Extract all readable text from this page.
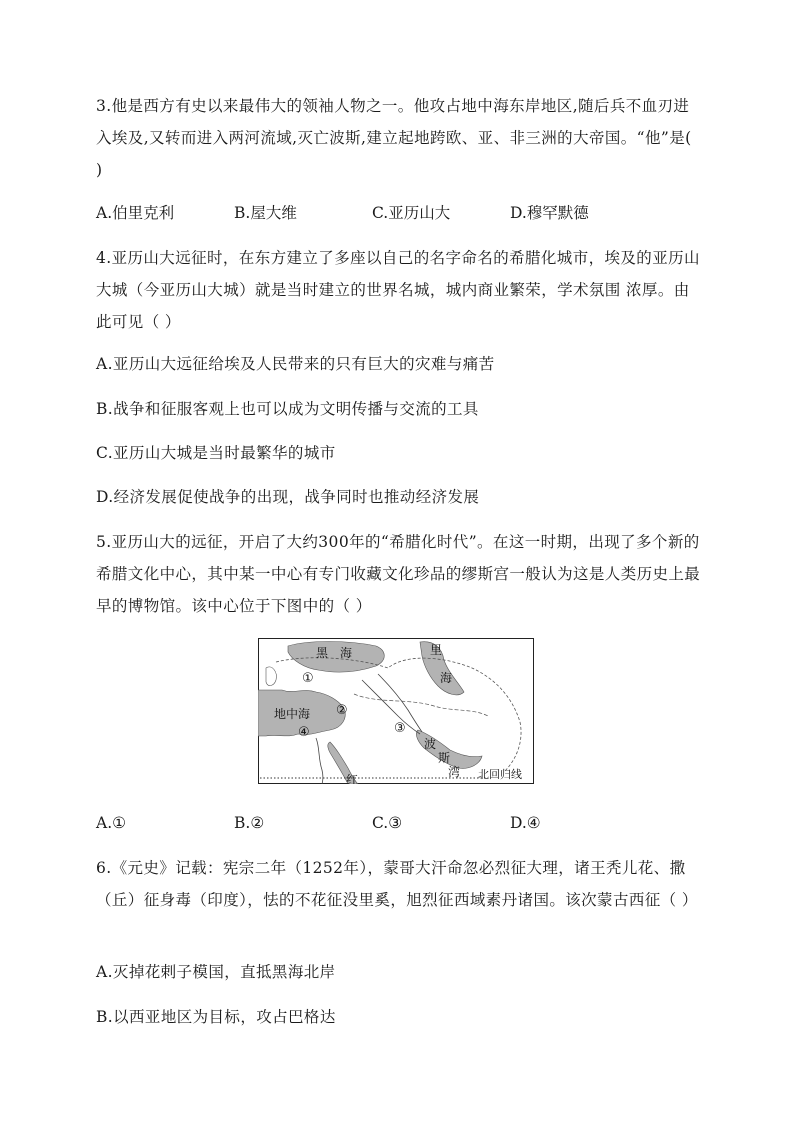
3.他是西方有史以来最伟大的领袖人物之一。他攻占地中海东岸地区,随后兵不血刃进入埃及,又转而进入两河流域,灭亡波斯,建立起地跨欧、亚、非三洲的大帝国。“他”是( )

A.伯里克利	B.屋大维	C.亚历山大	D.穆罕默德

4.亚历山大远征时，在东方建立了多座以自己的名字命名的希腊化城市，埃及的亚历山大城（今亚历山大城）就是当时建立的世界名城，城内商业繁荣，学术氛围 浓厚。由此可见（ ）

A.亚历山大远征给埃及人民带来的只有巨大的灾难与痛苦

B.战争和征服客观上也可以成为文明传播与交流的工具

C.亚历山大城是当时最繁华的城市

D.经济发展促使战争的出现，战争同时也推动经济发展

5.亚历山大的远征，开启了大约300年的“希腊化时代”。在这一时期，出现了多个新的希腊文化中心，其中某一中心有专门收藏文化珍品的缪斯宫一般认为这是人类历史上最早的博物馆。该中心位于下图中的（ ）

黑　海	里
海
地中海
波
斯
湾
红	北回归线
①
②
③
④
A.①	B.②	C.③	D.④

6.《元史》记载：宪宗二年（1252年），蒙哥大汗命忽必烈征大理，诸王秃儿花、撒（丘）征身毒（印度），怯的不花征没里奚，旭烈征西域素丹诸国。该次蒙古西征（ ）

A.灭掉花剌子模国，直抵黑海北岸

B.以西亚地区为目标，攻占巴格达
